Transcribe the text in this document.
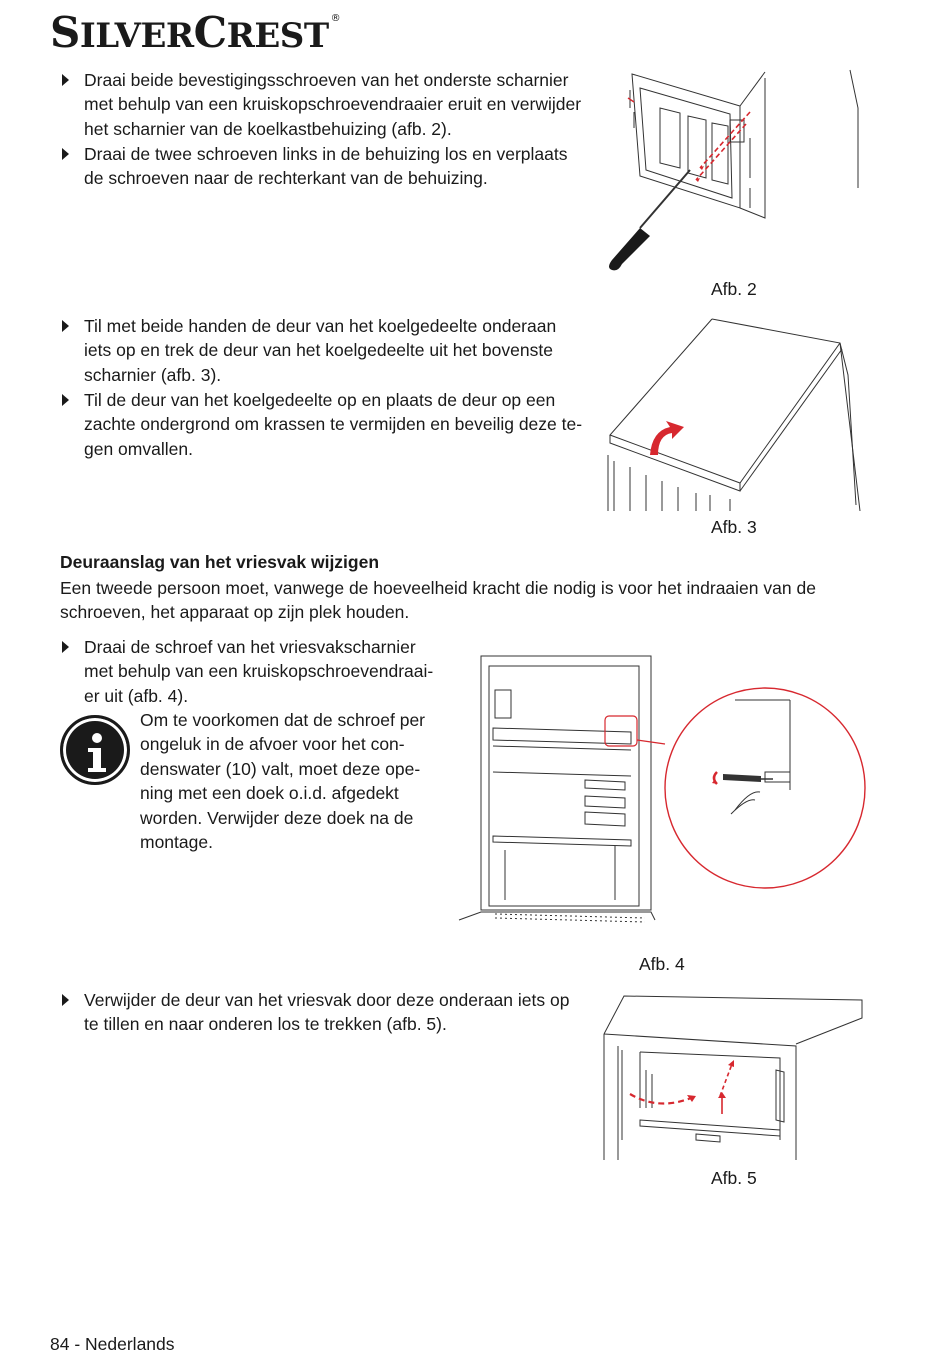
SILVERCREST ®
Draai beide bevestigingsschroeven van het onderste scharnier
met behulp van een kruiskopschroevendraaier eruit en verwijder
het scharnier van de koelkastbehuizing (afb. 2).
Draai de twee schroeven links in de behuizing los en verplaats
de schroeven naar de rechterkant van de behuizing.
Afb. 2
Til met beide handen de deur van het koelgedeelte onderaan
iets op en trek de deur van het koelgedeelte uit het bovenste
scharnier (afb. 3).
Til de deur van het koelgedeelte op en plaats de deur op een
zachte ondergrond om krassen te vermijden en beveilig deze te-
gen omvallen.
Afb. 3
Deuraanslag van het vriesvak wijzigen
Een tweede persoon moet, vanwege de hoeveelheid kracht die nodig is voor het indraaien van de
schroeven, het apparaat op zijn plek houden.
Draai de schroef van het vriesvakscharnier
met behulp van een kruiskopschroevendraai-
er uit (afb. 4).
Om te voorkomen dat de schroef per
ongeluk in de afvoer voor het con-
denswater (10) valt, moet deze ope-
ning met een doek o.i.d. afgedekt
worden. Verwijder deze doek na de
montage.
Afb. 4
Verwijder de deur van het vriesvak door deze onderaan iets op
te tillen en naar onderen los te trekken (afb. 5).
Afb. 5
84 - Nederlands
